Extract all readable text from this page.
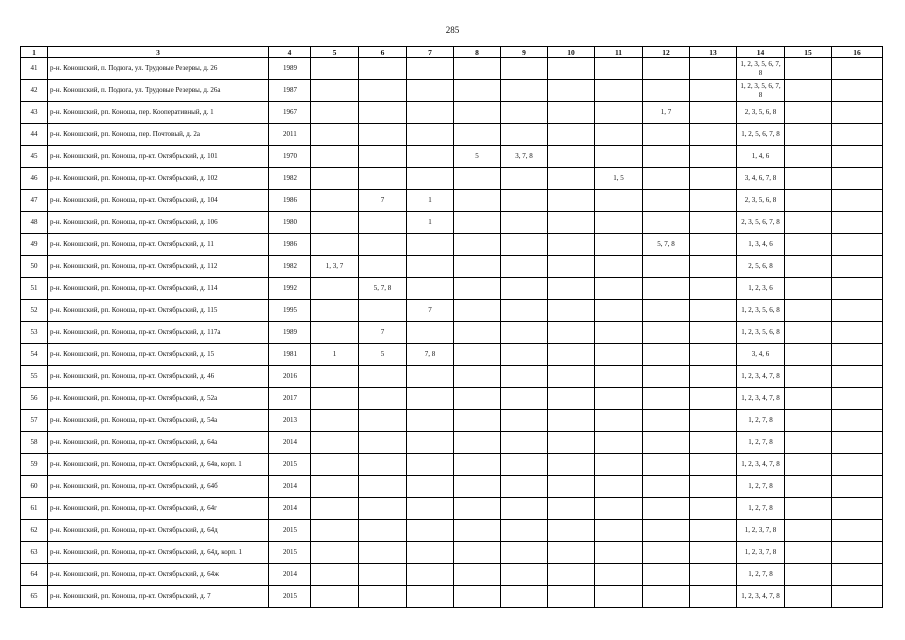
285
1	3	4	5	6	7	8	9	10	11	12	13	14	15	16
41	р-н. Коношский, п. Подюга, ул. Трудовые Резервы, д. 26	1989										1, 2, 3, 5, 6, 7, 8		
42	р-н. Коношский, п. Подюга, ул. Трудовые Резервы, д. 26а	1987										1, 2, 3, 5, 6, 7, 8		
43	р-н. Коношский, рп. Коноша, пер. Кооперативный, д. 1	1967								1, 7		2, 3, 5, 6, 8		
44	р-н. Коношский, рп. Коноша, пер. Почтовый, д. 2а	2011										1, 2, 5, 6, 7, 8		
45	р-н. Коношский, рп. Коноша, пр-кт. Октябрьский, д. 101	1970				5	3, 7, 8					1, 4, 6		
46	р-н. Коношский, рп. Коноша, пр-кт. Октябрьский, д. 102	1982							1, 5			3, 4, 6, 7, 8		
47	р-н. Коношский, рп. Коноша, пр-кт. Октябрьский, д. 104	1986		7	1							2, 3, 5, 6, 8		
48	р-н. Коношский, рп. Коноша, пр-кт. Октябрьский, д. 106	1980			1							2, 3, 5, 6, 7, 8		
49	р-н. Коношский, рп. Коноша, пр-кт. Октябрьский, д. 11	1986								5, 7, 8		1, 3, 4, 6		
50	р-н. Коношский, рп. Коноша, пр-кт. Октябрьский, д. 112	1982	1, 3, 7									2, 5, 6, 8		
51	р-н. Коношский, рп. Коноша, пр-кт. Октябрьский, д. 114	1992		5, 7, 8								1, 2, 3, 6		
52	р-н. Коношский, рп. Коноша, пр-кт. Октябрьский, д. 115	1995			7							1, 2, 3, 5, 6, 8		
53	р-н. Коношский, рп. Коноша, пр-кт. Октябрьский, д. 117а	1989		7								1, 2, 3, 5, 6, 8		
54	р-н. Коношский, рп. Коноша, пр-кт. Октябрьский, д. 15	1981	1	5	7, 8							3, 4, 6		
55	р-н. Коношский, рп. Коноша, пр-кт. Октябрьский, д. 46	2016										1, 2, 3, 4, 7, 8		
56	р-н. Коношский, рп. Коноша, пр-кт. Октябрьский, д. 52а	2017										1, 2, 3, 4, 7, 8		
57	р-н. Коношский, рп. Коноша, пр-кт. Октябрьский, д. 54а	2013										1, 2, 7, 8		
58	р-н. Коношский, рп. Коноша, пр-кт. Октябрьский, д. 64а	2014										1, 2, 7, 8		
59	р-н. Коношский, рп. Коноша, пр-кт. Октябрьский, д. 64в, корп. 1	2015										1, 2, 3, 4, 7, 8		
60	р-н. Коношский, рп. Коноша, пр-кт. Октябрьский, д. 64б	2014										1, 2, 7, 8		
61	р-н. Коношский, рп. Коноша, пр-кт. Октябрьский, д. 64г	2014										1, 2, 7, 8		
62	р-н. Коношский, рп. Коноша, пр-кт. Октябрьский, д. 64д	2015										1, 2, 3, 7, 8		
63	р-н. Коношский, рп. Коноша, пр-кт. Октябрьский, д. 64д, корп. 1	2015										1, 2, 3, 7, 8		
64	р-н. Коношский, рп. Коноша, пр-кт. Октябрьский, д. 64ж	2014										1, 2, 7, 8		
65	р-н. Коношский, рп. Коноша, пр-кт. Октябрьский, д. 7	2015										1, 2, 3, 4, 7, 8		
